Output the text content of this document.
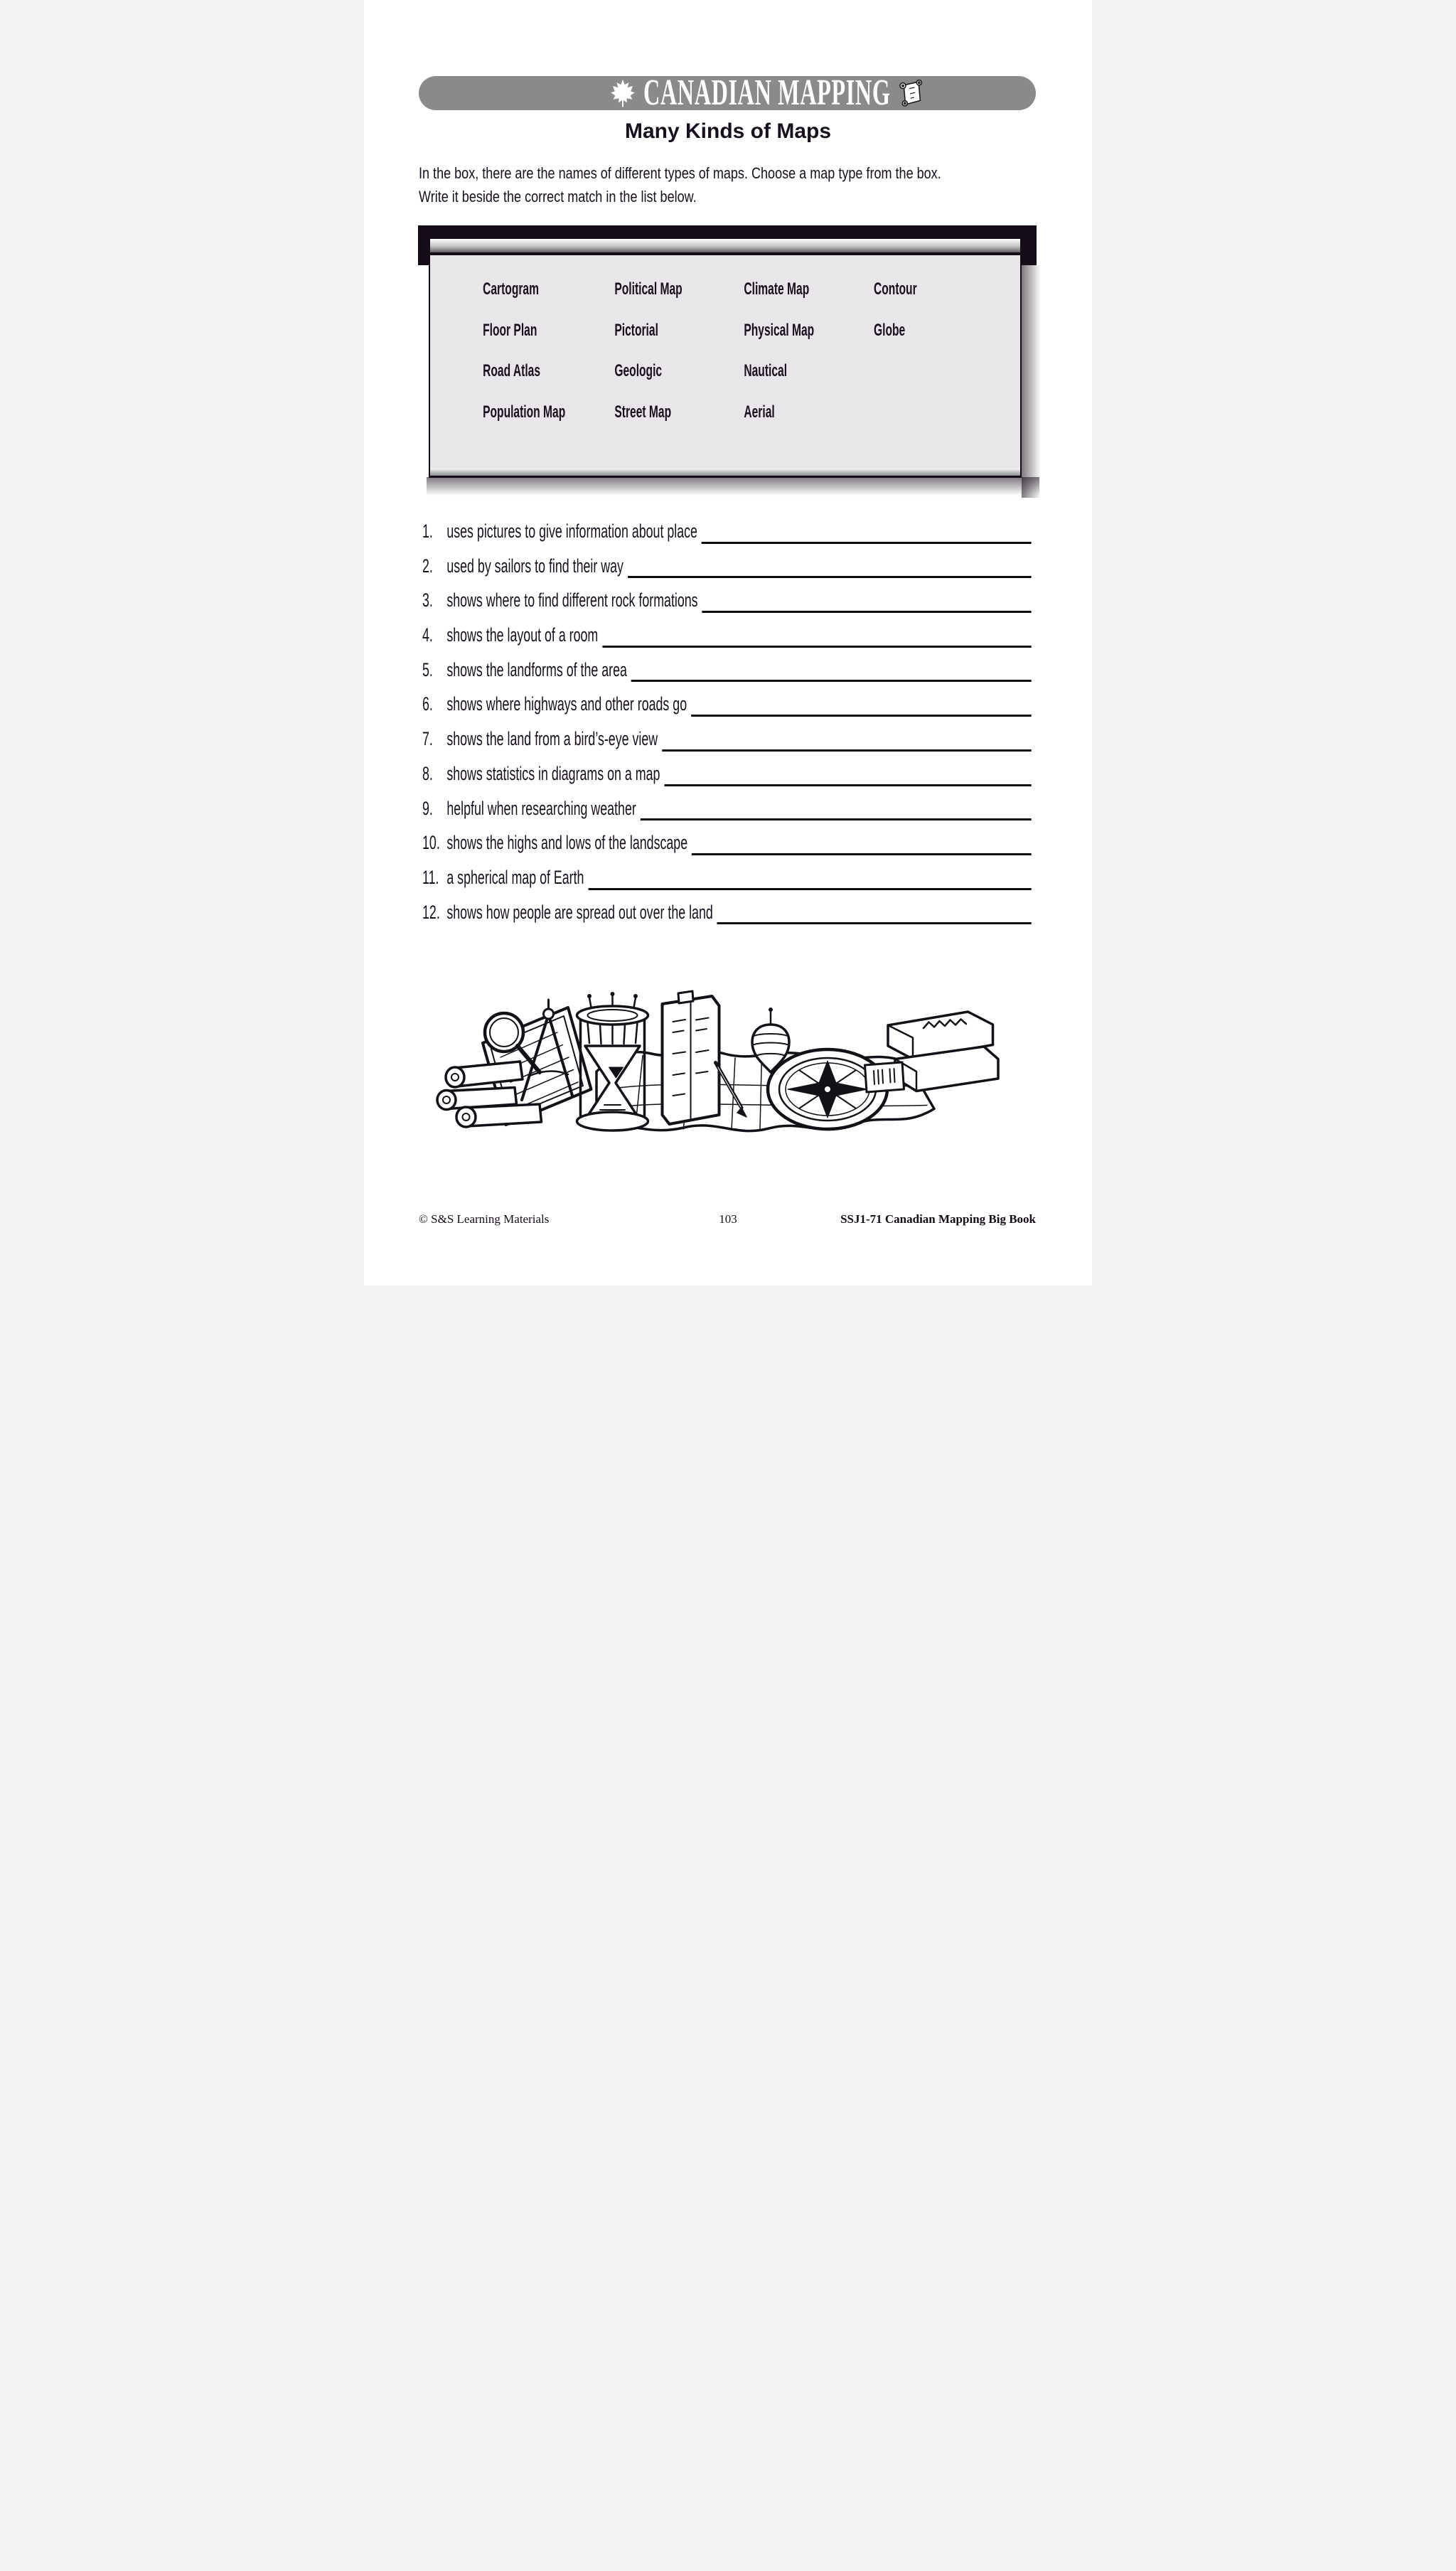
CANADIAN MAPPING
Many Kinds of Maps
In the box, there are the names of different types of maps. Choose a map type from the box.
Write it beside the correct match in the list below.
Cartogram	Political Map	Climate Map	Contour
Floor Plan	Pictorial	Physical Map	Globe
Road Atlas	Geologic	Nautical
Population Map	Street Map	Aerial
1. uses pictures to give information about place
2. used by sailors to find their way
3. shows where to find different rock formations
4. shows the layout of a room
5. shows the landforms of the area
6. shows where highways and other roads go
7. shows the land from a bird’s-eye view
8. shows statistics in diagrams on a map
9. helpful when researching weather
10. shows the highs and lows of the landscape
11. a spherical map of Earth
12. shows how people are spread out over the land
© S&S Learning Materials	103	SSJ1-71 Canadian Mapping Big Book
